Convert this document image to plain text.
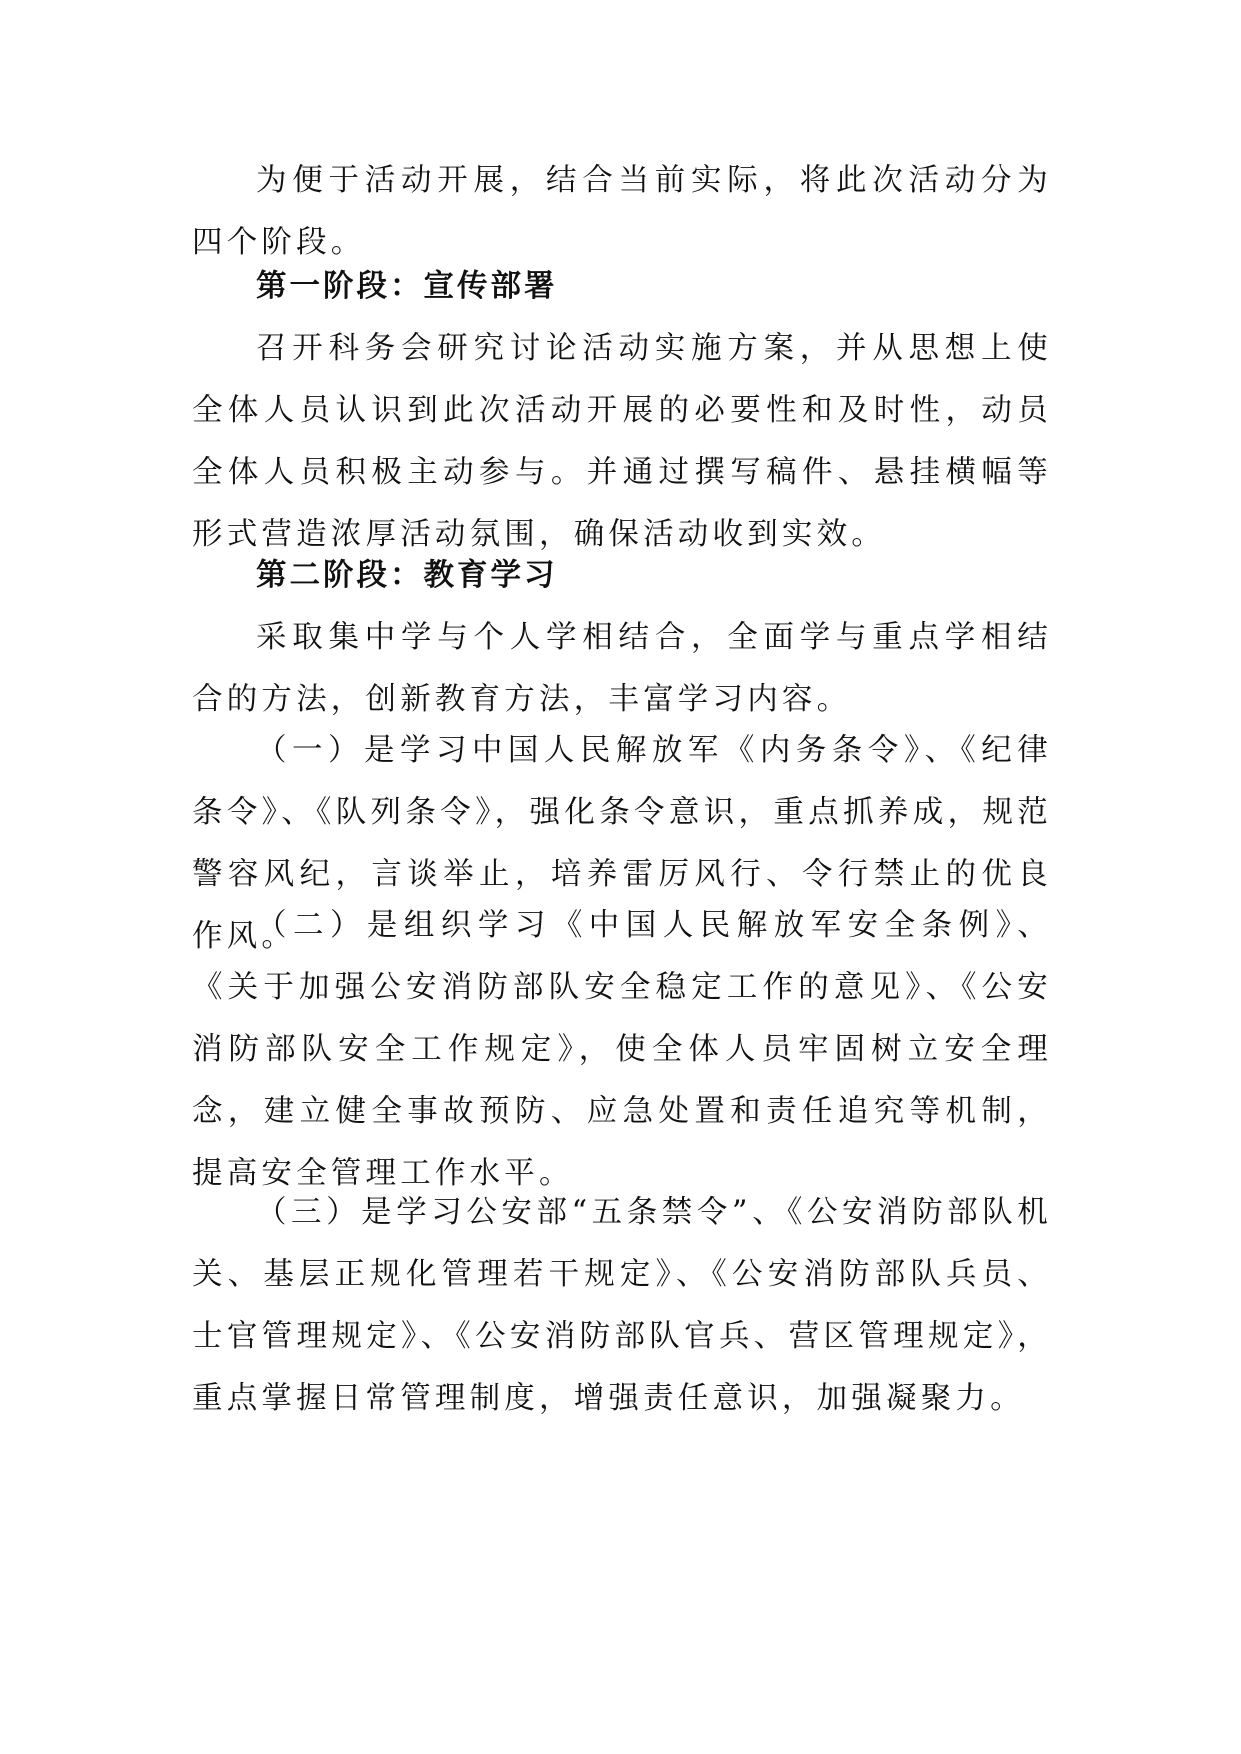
为便于活动开展，结合当前实际，将此次活动分为四个阶段。

第一阶段：宣传部署

召开科务会研究讨论活动实施方案，并从思想上使全体人员认识到此次活动开展的必要性和及时性，动员全体人员积极主动参与。并通过撰写稿件、悬挂横幅等形式营造浓厚活动氛围，确保活动收到实效。

第二阶段：教育学习

采取集中学与个人学相结合，全面学与重点学相结合的方法，创新教育方法，丰富学习内容。

（一）是学习中国人民解放军《内务条令》、《纪律条令》、《队列条令》，强化条令意识，重点抓养成，规范警容风纪，言谈举止，培养雷厉风行、令行禁止的优良作风。

（二）是组织学习《中国人民解放军安全条例》、《关于加强公安消防部队安全稳定工作的意见》、《公安消防部队安全工作规定》，使全体人员牢固树立安全理念，建立健全事故预防、应急处置和责任追究等机制，提高安全管理工作水平。

（三）是学习公安部“五条禁令”、《公安消防部队机关、基层正规化管理若干规定》、《公安消防部队兵员、士官管理规定》、《公安消防部队官兵、营区管理规定》，重点掌握日常管理制度，增强责任意识，加强凝聚力。
